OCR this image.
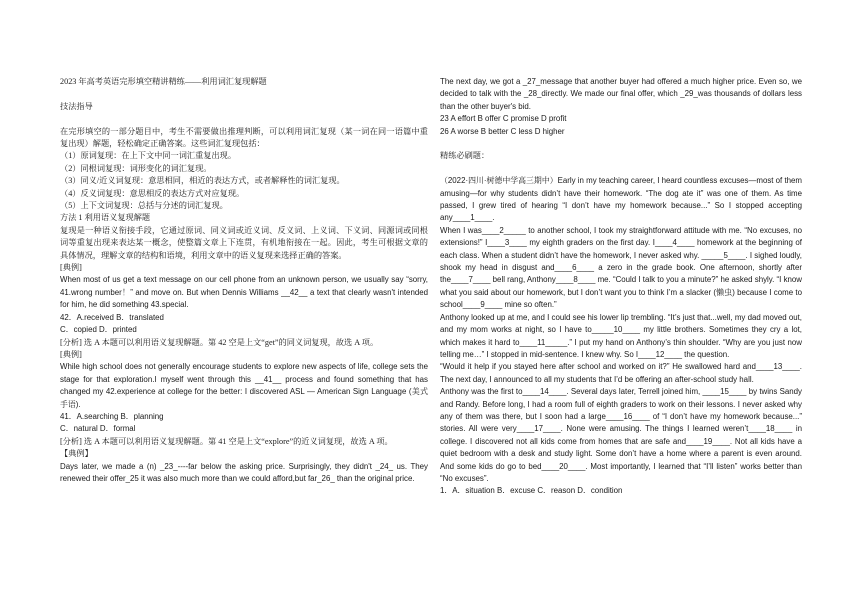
2023 年高考英语完形填空精讲精练——利用词汇复现解题

技法指导

在完形填空的一部分题目中，考生不需要做出推理判断，可以利用词汇复现（某一词在同一语篇中重复出现）解题，轻松确定正确答案。这些词汇复现包括：

（1）原词复现：在上下文中同一词汇重复出现。

（2）同根词复现：词形变化的词汇复现。

（3）同义/近义词复现：意思相同，相近的表达方式，或者解释性的词汇复现。

（4）反义词复现：意思相反的表达方式对应复现。

（5）上下文词复现：总括与分述的词汇复现。

方法 1 利用语义复现解题

复现是一种语义衔接手段，它通过原词、同义词或近义词、反义词、上义词、下义词、同源词或同根词等重复出现来表达某一概念，使整篇文章上下连贯，有机地衔接在一起。因此，考生可根据文章的具体情况，理解文章的结构和语境，利用文章中的语义复现来选择正确的答案。

[典例]

When most of us get a text message on our cell phone from an unknown person, we usually say “sorry, 41.wrong number！” and move on. But when Dennis Williams __42__ a text that clearly wasn't intended for him, he did something 43.special.

42．A.received B．translated

C．copied D．printed

[分析] 选 A 本题可以利用语义复现解题。第 42 空是上文“get”的同义词复现，故选 A 项。

[典例]

While high school does not generally encourage students to explore new aspects of life, college sets the stage for that exploration.I myself went through this __41__ process and found something that has changed my 42.experience at college for the better: I discovered ASL — American Sign Language (美式手语).

41．A.searching B．planning

C．natural D．formal

[分析] 选 A 本题可以利用语义复现解题。第 41 空是上文“explore”的近义词复现，故选 A 项。

【典例】

Days later, we made a (n) _23_----far below the asking price. Surprisingly, they didn't _24_ us. They renewed their offer_25 it was also much more than we could afford,but far_26_ than the original price.

The next day, we got a _27_message that another buyer had offered a much higher price. Even so, we decided to talk with the _28_directly. We made our final offer, which _29_was thousands of dollars less than the other buyer's bid.

23 A effort B offer C promise D profit

26 A worse B better C less D higher

精练必刷题：

（2022·四川·树德中学高三期中）Early in my teaching career, I heard countless excuses—most of them amusing—for why students didn’t have their homework. “The dog ate it” was one of them. As time passed, I grew tired of hearing “I don’t have my homework because...” So I stopped accepting any____1____.

When I was____2_____ to another school, I took my straightforward attitude with me. “No excuses, no extensions!” I____3____ my eighth graders on the first day. I____4____ homework at the beginning of each class. When a student didn’t have the homework, I never asked why. _____5____. I sighed loudly, shook my head in disgust and____6____ a zero in the grade book. One afternoon, shortly after the____7____ bell rang, Anthony____8____ me. “Could I talk to you a minute?” he asked shyly. “I know what you said about our homework, but I don’t want you to think I’m a slacker (懒虫) because I come to school____9____ mine so often.”

Anthony looked up at me, and I could see his lower lip trembling. “It’s just that...well, my dad moved out, and my mom works at night, so I have to_____10____ my little brothers. Sometimes they cry a lot, which makes it hard to____11_____.” I put my hand on Anthony’s thin shoulder. “Why are you just now telling me…” I stopped in mid-sentence. I knew why. So I____12____ the question.

“Would it help if you stayed here after school and worked on it?” He swallowed hard and____13____. The next day, I announced to all my students that I’d be offering an after-school study hall.

Anthony was the first to____14____. Several days later, Terrell joined him, ____15____ by twins Sandy and Randy. Before long, I had a room full of eighth graders to work on their lessons. I never asked why any of them was there, but I soon had a large____16____ of “I don’t have my homework because...” stories. All were very____17____. None were amusing. The things I learned weren’t____18____ in college. I discovered not all kids come from homes that are safe and____19____. Not all kids have a quiet bedroom with a desk and study light. Some don’t have a home where a parent is even around. And some kids do go to bed____20____. Most importantly, I learned that “I’ll listen” works better than “No excuses”.

1．A．situation B．excuse C．reason D．condition
